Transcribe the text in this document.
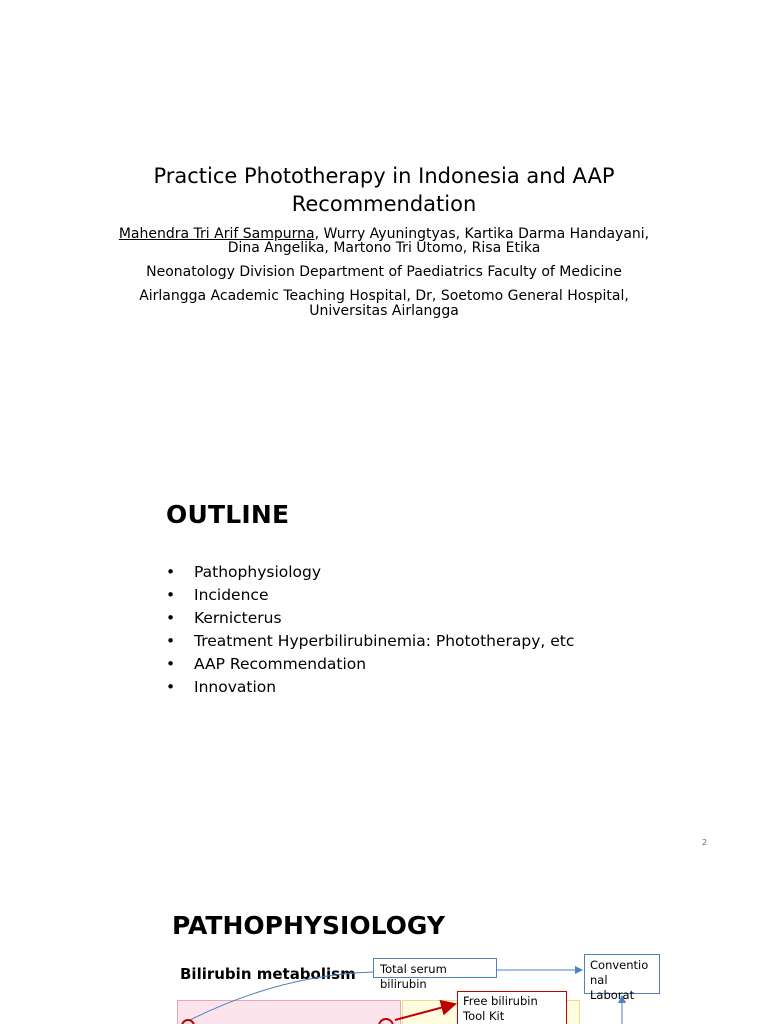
Practice Phototherapy in Indonesia and AAP Recommendation
Mahendra Tri Arif Sampurna, Wurry Ayuningtyas, Kartika Darma Handayani,
Dina Angelika, Martono Tri Utomo, Risa Etika
Neonatology Division Department of Paediatrics Faculty of Medicine
Airlangga Academic Teaching Hospital, Dr, Soetomo General Hospital,
Universitas Airlangga
OUTLINE
• Pathophysiology
• Incidence
• Kernicterus
• Treatment Hyperbilirubinemia: Phototherapy, etc
• AAP Recommendation
• Innovation
2
PATHOPHYSIOLOGY
Bilirubin metabolism	Total serum bilirubin
Conventio
nal Laborat
Free bilirubin
Tool Kit
